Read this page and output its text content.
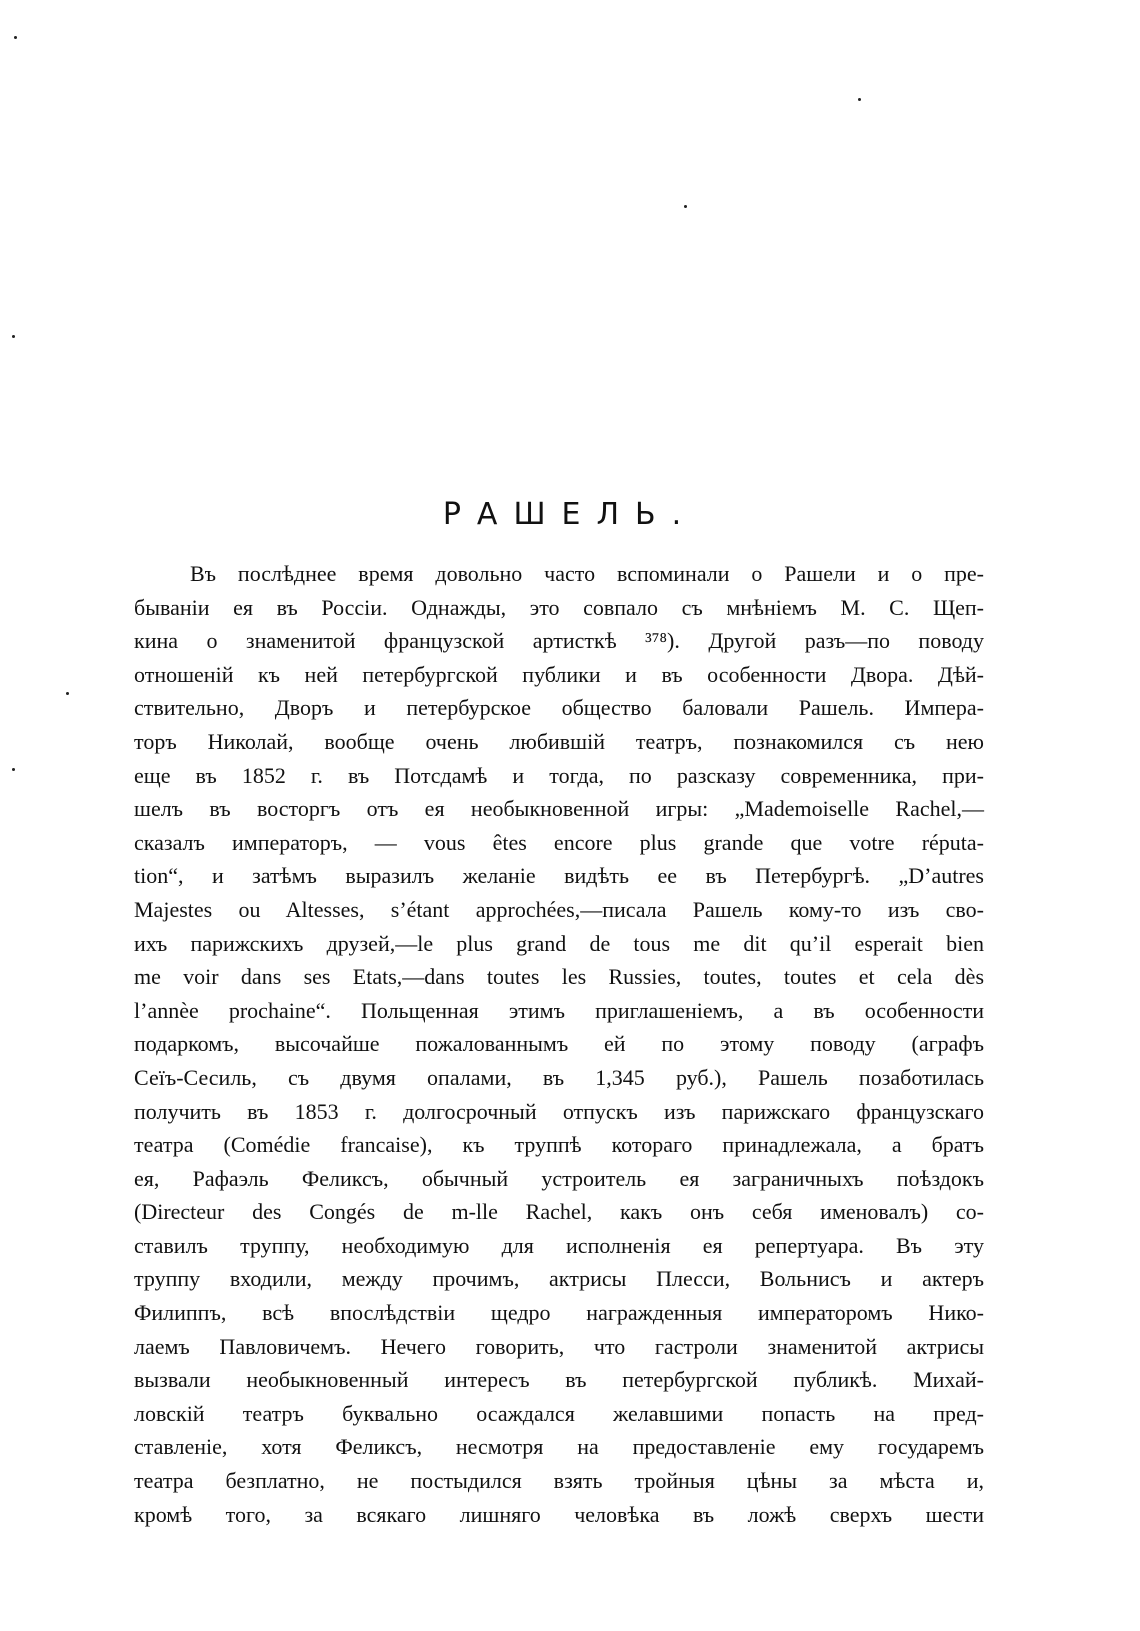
РАШЕЛЬ.
Въ послѣднее время довольно часто вспоминали о Рашели и о пре-
бываніи ея въ Россіи. Однажды, это совпало съ мнѣніемъ М. С. Щеп-
кина о знаменитой французской артисткѣ ³⁷⁸). Другой разъ—по поводу
отношеній къ ней петербургской публики и въ особенности Двора. Дѣй-
ствительно, Дворъ и петербурское общество баловали Рашель. Импера-
торъ Николай, вообще очень любившій театръ, познакомился съ нею
еще въ 1852 г. въ Потсдамѣ и тогда, по разсказу современника, при-
шелъ въ восторгъ отъ ея необыкновенной игры: „Mademoiselle Rachel,—
сказалъ императоръ, — vous êtes encore plus grande que votre réputa-
tion“, и затѣмъ выразилъ желаніе видѣть ее въ Петербургѣ. „D’autres
Majestes ou Altesses, s’étant approchées,—писала Рашель кому-то изъ сво-
ихъ парижскихъ друзей,—le plus grand de tous me dit qu’il esperait bien
me voir dans ses Etats,—dans toutes les Russies, toutes, toutes et cela dès
l’annèe prochaine“. Польщенная этимъ приглашеніемъ, а въ особенности
подаркомъ, высочайше пожалованнымъ ей по этому поводу (аграфъ
Сеїъ-Сесиль, съ двумя опалами, въ 1,345 руб.), Рашель позаботилась
получить въ 1853 г. долгосрочный отпускъ изъ парижскаго французскаго
театра (Comédie francaise), къ труппѣ котораго принадлежала, а братъ
ея, Рафаэль Феликсъ, обычный устроитель ея заграничныхъ поѣздокъ
(Directeur des Congés de m-lle Rachel, какъ онъ себя именовалъ) со-
ставилъ труппу, необходимую для исполненія ея репертуара. Въ эту
труппу входили, между прочимъ, актрисы Плесси, Вольнисъ и актеръ
Филиппъ, всѣ впослѣдствіи щедро награжденныя императоромъ Нико-
лаемъ Павловичемъ. Нечего говорить, что гастроли знаменитой актрисы
вызвали необыкновенный интересъ въ петербургской публикѣ. Михай-
ловскій театръ буквально осаждался желавшими попасть на пред-
ставленіе, хотя Феликсъ, несмотря на предоставленіе ему государемъ
театра безплатно, не постыдился взять тройныя цѣны за мѣста и,
кромѣ того, за всякаго лишняго человѣка въ ложѣ сверхъ шести
